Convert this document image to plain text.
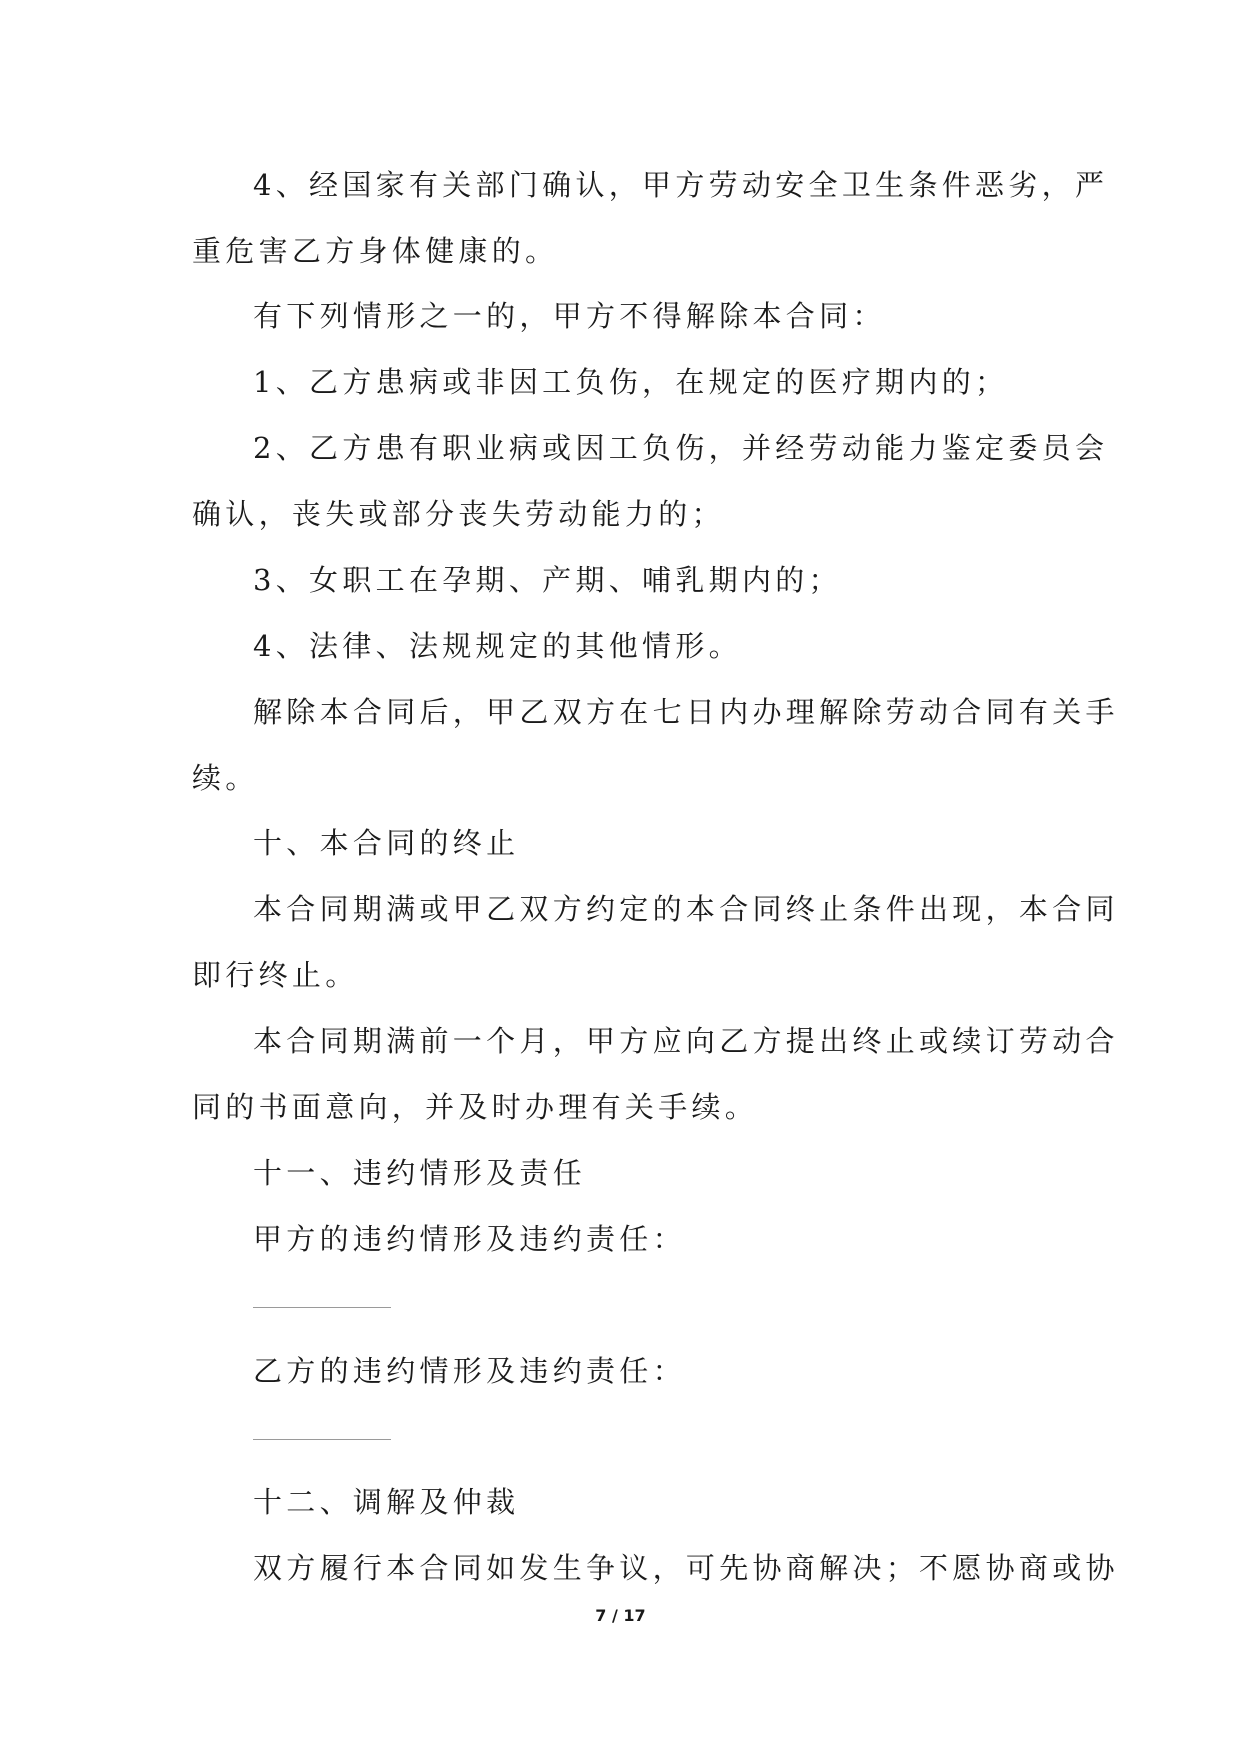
4、经国家有关部门确认，甲方劳动安全卫生条件恶劣，严
重危害乙方身体健康的。
有下列情形之一的，甲方不得解除本合同：
1、乙方患病或非因工负伤，在规定的医疗期内的；
2、乙方患有职业病或因工负伤，并经劳动能力鉴定委员会
确认，丧失或部分丧失劳动能力的；
3、女职工在孕期、产期、哺乳期内的；
4、法律、法规规定的其他情形。
解除本合同后，甲乙双方在七日内办理解除劳动合同有关手
续。
十、本合同的终止
本合同期满或甲乙双方约定的本合同终止条件出现，本合同
即行终止。
本合同期满前一个月，甲方应向乙方提出终止或续订劳动合
同的书面意向，并及时办理有关手续。
十一、违约情形及责任
甲方的违约情形及违约责任：
乙方的违约情形及违约责任：
十二、调解及仲裁
双方履行本合同如发生争议，可先协商解决；不愿协商或协
7 / 17
